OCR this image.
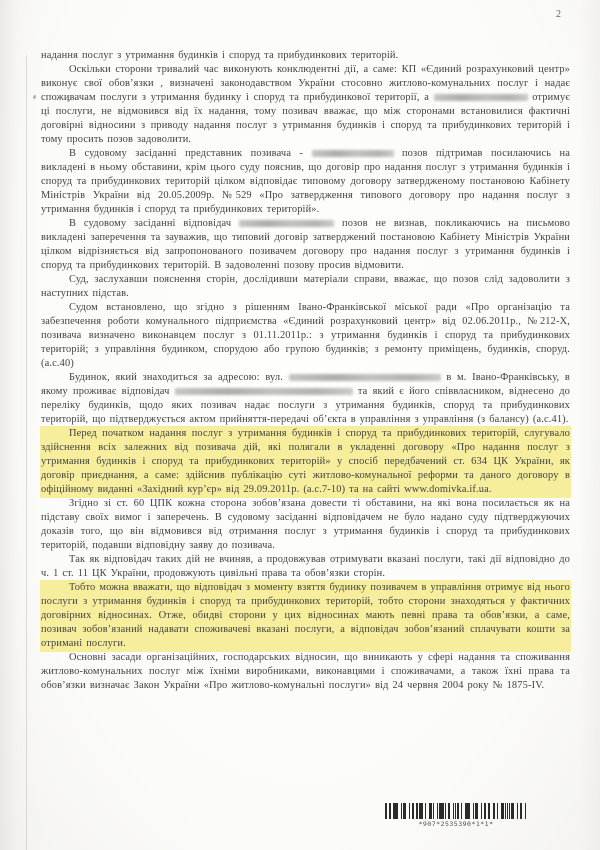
2

надання послуг з утримання будинків і споруд та прибудинкових територій.

Оскільки сторони тривалий час виконують конклюдентні дії, а саме: КП «Єдиний розрахунковий центр» виконує свої обов’язки , визначені законодавством України стосовно житлово-комунальних послуг і надає споживачам послуги з утримання будинку і споруд та прибудинкової території, а	отримує ці послуги, не відмовився від їх надання, тому позивач вважає, що між сторонами встановилися фактичні договірні відносини з приводу надання послуг з утримання будинків і споруд та прибудинкових територій і тому просить позов задоволити.

В судовому засіданні представник позивача -	позов підтримав посилаючись на викладені в ньому обставини, крім цього суду пояснив, що договір про надання послуг з утримання будинків і споруд та прибудинкових територій цілком відповідає типовому договору затвердженому постановою Кабінету Міністрів України від 20.05.2009р. №529 «Про затвердження типового договору про надання послуг з утримання будинків і споруд та прибудинкових територій».

В судовому засіданні відповідач	позов не визнав, покликаючись на письмово викладені заперечення та зауважив, що типовий договір затверджений постановою Кабінету Міністрів України цілком відрізняється від запропонованого позивачем договору про надання послуг з утримання будинків і споруд та прибудинкових територій. В задоволенні позову просив відмовити.

Суд, заслухавши пояснення сторін, дослідивши матеріали справи, вважає, що позов слід задоволити з наступних підстав.

Судом встановлено, що згідно з рішенням Івано-Франківської міської ради «Про організацію та забезпечення роботи комунального підприємства «Єдиний розрахунковий центр» від 02.06.2011р., №212-X, позивача визначено виконавцем послуг з 01.11.2011р.: з утримання будинків і споруд та прибудинкових територій; з управління будинком, спорудою або групою будинків; з ремонту приміщень, будинків, споруд. (а.с.40)

Будинок, який знаходиться за адресою: вул.	в м. Івано-Франківську, в якому проживає відповідач	та який є його співвласником, віднесено до переліку будинків, щодо яких позивач надає послуги з утримання будинків, споруд та прибудинкових територій, що підтверджується актом прийняття-передачі об’єкта в управління з управління (з балансу) (а.с.41).

Перед початком надання послуг з утримання будинків і споруд та прибудинкових територій, слугувало здійснення всіх залежних від позивача дій, які полягали в укладенні договору «Про надання послуг з утримання будинків і споруд та прибудинкових територій» у спосіб передбачений ст. 634 ЦК України, як договір приєднання, а саме: здійснив публікацію суті житлово-комунальної реформи та даного договору в офіційному виданні «Західний кур’єр» від 29.09.2011р. (а.с.7-10) та на сайті www.domivka.if.ua.

Згідно зі ст. 60 ЦПК кожна сторона зобов’язана довести ті обставини, на які вона посилається як на підставу своїх вимог і заперечень. В судовому засіданні відповідачем не було надано суду підтверджуючих доказів того, що він відмовився від отримання послуг з утримання будинків і споруд та прибудинкових територій, подавши відповідну заяву до позивача.

Так як відповідач таких дій не вчиняв, а продовжував отримувати вказані послуги, такі дії відповідно до ч. 1 ст. 11 ЦК України, продовжують цивільні права та обов’язки сторін.

Тобто можна вважати, що відповідач з моменту взяття будинку позивачем в управління отримує від нього послуги з утримання будинків і споруд та прибудинкових територій, тобто сторони знаходяться у фактичних договірних відносинах. Отже, обидві сторони у цих відносинах мають певні права та обов’язки, а саме, позивач зобов’язаний надавати споживачеві вказані послуги, а відповідач зобов’язаний сплачувати кошти за отримані послуги.

Основні засади організаційних, господарських відносин, що виникають у сфері надання та споживання житлово-комунальних послуг між їхніми виробниками, виконавцями і споживачами, а також їхні права та обов’язки визначає Закон України «Про житлово-комунальні послуги» від 24 червня 2004 року № 1875-IV.

*907*2535390*1*1*
